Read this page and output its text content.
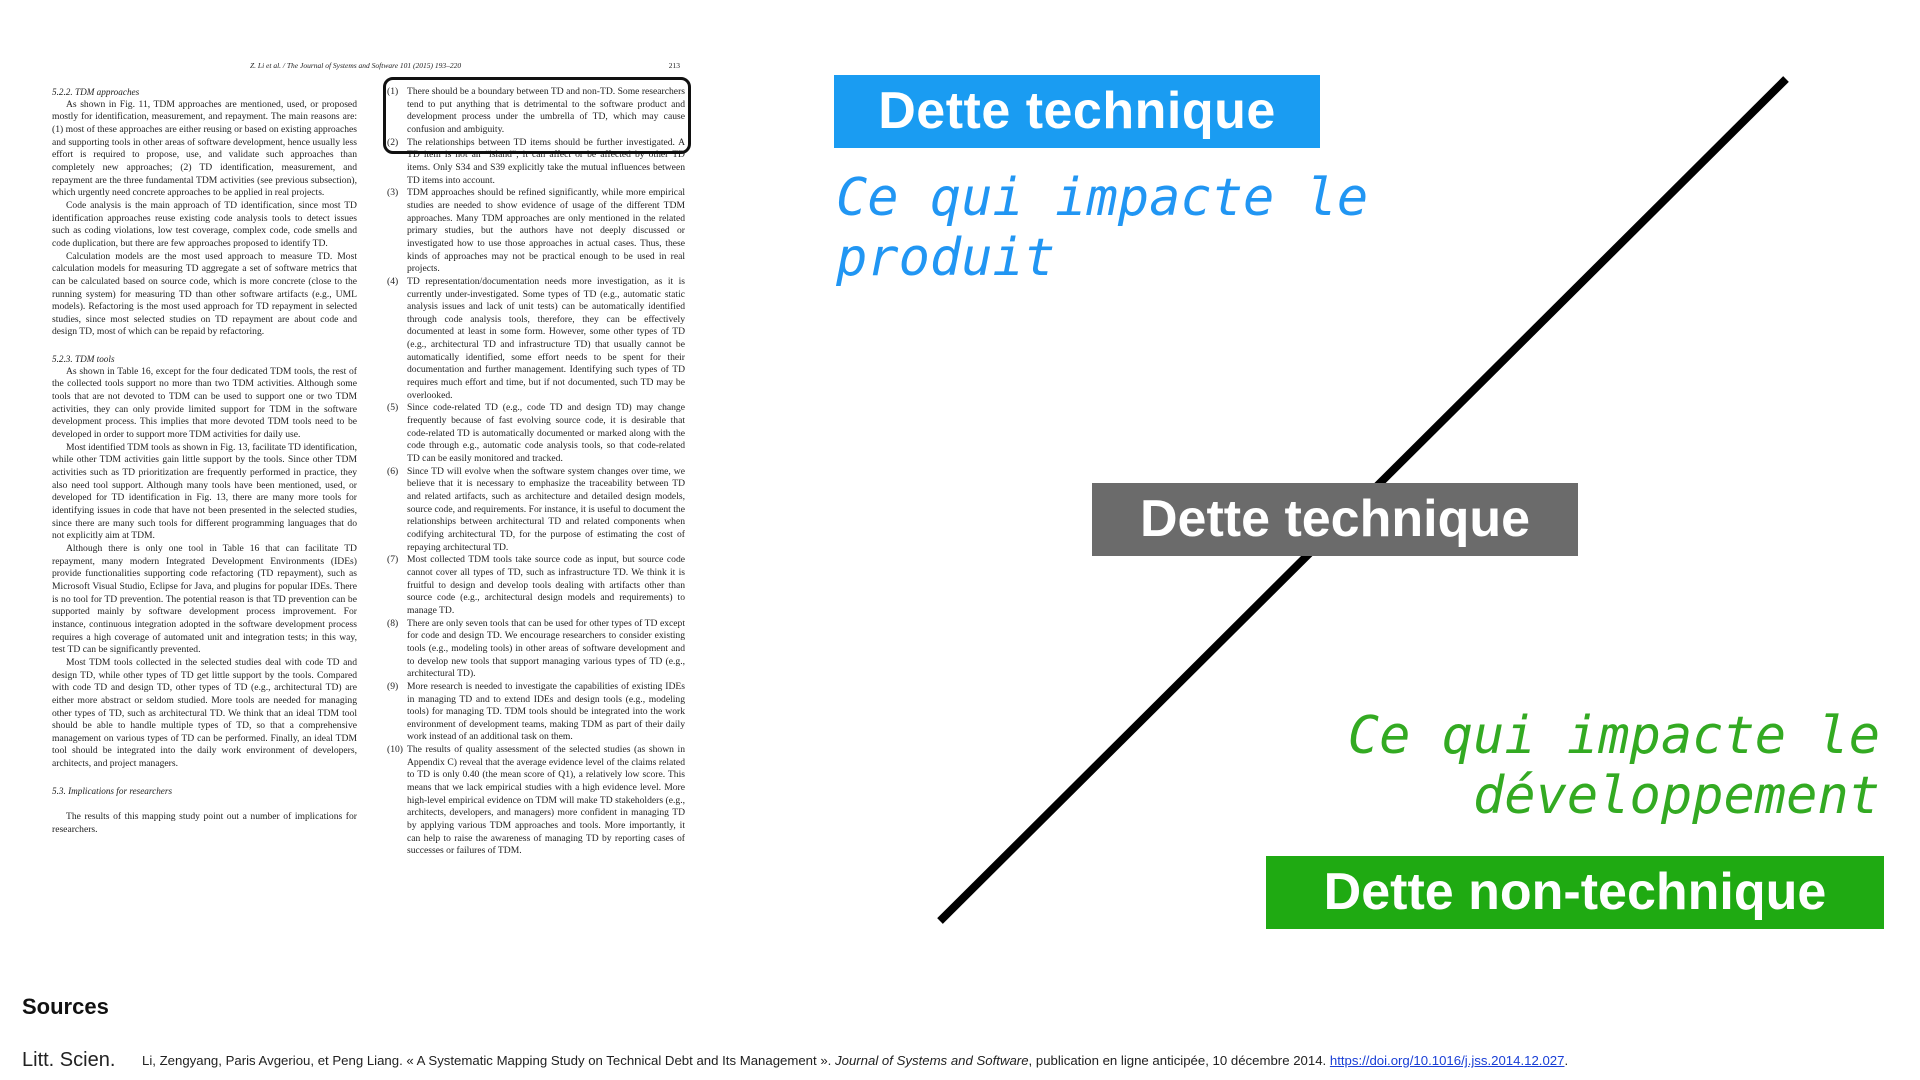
Z. Li et al. / The Journal of Systems and Software 101 (2015) 193–220	213
5.2.2. TDM approaches

As shown in Fig. 11, TDM approaches are mentioned, used, or proposed mostly for identification, measurement, and repayment. The main reasons are: (1) most of these approaches are either reusing or based on existing approaches and supporting tools in other areas of software development, hence usually less effort is required to propose, use, and validate such approaches than completely new approaches; (2) TD identification, measurement, and repayment are the three fundamental TDM activities (see previous subsection), which urgently need concrete approaches to be applied in real projects.

Code analysis is the main approach of TD identification, since most TD identification approaches reuse existing code analysis tools to detect issues such as coding violations, low test coverage, complex code, code smells and code duplication, but there are few approaches proposed to identify TD.

Calculation models are the most used approach to measure TD. Most calculation models for measuring TD aggregate a set of software metrics that can be calculated based on source code, which is more concrete (close to the running system) for measuring TD than other software artifacts (e.g., UML models). Refactoring is the most used approach for TD repayment in selected studies, since most selected studies on TD repayment are about code and design TD, most of which can be repaid by refactoring.

5.2.3. TDM tools

As shown in Table 16, except for the four dedicated TDM tools, the rest of the collected tools support no more than two TDM activities. Although some tools that are not devoted to TDM can be used to support one or two TDM activities, they can only provide limited support for TDM in the software development process. This implies that more devoted TDM tools need to be developed in order to support more TDM activities for daily use.

Most identified TDM tools as shown in Fig. 13, facilitate TD identification, while other TDM activities gain little support by the tools. Since other TDM activities such as TD prioritization are frequently performed in practice, they also need tool support. Although many tools have been mentioned, used, or developed for TD identification in Fig. 13, there are many more tools for identifying issues in code that have not been presented in the selected studies, since there are many such tools for different programming languages that do not explicitly aim at TDM.

Although there is only one tool in Table 16 that can facilitate TD repayment, many modern Integrated Development Environments (IDEs) provide functionalities supporting code refactoring (TD repayment), such as Microsoft Visual Studio, Eclipse for Java, and plugins for popular IDEs. There is no tool for TD prevention. The potential reason is that TD prevention can be supported mainly by software development process improvement. For instance, continuous integration adopted in the software development process requires a high coverage of automated unit and integration tests; in this way, test TD can be significantly prevented.

Most TDM tools collected in the selected studies deal with code TD and design TD, while other types of TD get little support by the tools. Compared with code TD and design TD, other types of TD (e.g., architectural TD) are either more abstract or seldom studied. More tools are needed for managing other types of TD, such as architectural TD. We think that an ideal TDM tool should be able to handle multiple types of TD, so that a comprehensive management on various types of TD can be performed. Finally, an ideal TDM tool should be integrated into the daily work environment of developers, architects, and project managers.

5.3. Implications for researchers

The results of this mapping study point out a number of implications for researchers.

(1) There should be a boundary between TD and non-TD. Some researchers tend to put anything that is detrimental to the software product and development process under the umbrella of TD, which may cause confusion and ambiguity.
(2) The relationships between TD items should be further investigated. A TD item is not an “island”, it can affect or be affected by other TD items. Only S34 and S39 explicitly take the mutual influences between TD items into account.
(3) TDM approaches should be refined significantly, while more empirical studies are needed to show evidence of usage of the different TDM approaches. Many TDM approaches are only mentioned in the related primary studies, but the authors have not deeply discussed or investigated how to use those approaches in actual cases. Thus, these kinds of approaches may not be practical enough to be used in real projects.
(4) TD representation/documentation needs more investigation, as it is currently under-investigated. Some types of TD (e.g., automatic static analysis issues and lack of unit tests) can be automatically identified through code analysis tools, therefore, they can be effectively documented at least in some form. However, some other types of TD (e.g., architectural TD and infrastructure TD) that usually cannot be automatically identified, some effort needs to be spent for their documentation and further management. Identifying such types of TD requires much effort and time, but if not documented, such TD may be overlooked.
(5) Since code-related TD (e.g., code TD and design TD) may change frequently because of fast evolving source code, it is desirable that code-related TD is automatically documented or marked along with the code through e.g., automatic code analysis tools, so that code-related TD can be easily monitored and tracked.
(6) Since TD will evolve when the software system changes over time, we believe that it is necessary to emphasize the traceability between TD and related artifacts, such as architecture and detailed design models, source code, and requirements. For instance, it is useful to document the relationships between architectural TD and related components when codifying architectural TD, for the purpose of estimating the cost of repaying architectural TD.
(7) Most collected TDM tools take source code as input, but source code cannot cover all types of TD, such as infrastructure TD. We think it is fruitful to design and develop tools dealing with artifacts other than source code (e.g., architectural design models and requirements) to manage TD.
(8) There are only seven tools that can be used for other types of TD except for code and design TD. We encourage researchers to consider existing tools (e.g., modeling tools) in other areas of software development and to develop new tools that support managing various types of TD (e.g., architectural TD).
(9) More research is needed to investigate the capabilities of existing IDEs in managing TD and to extend IDEs and design tools (e.g., modeling tools) for managing TD. TDM tools should be integrated into the work environment of development teams, making TDM as part of their daily work instead of an additional task on them.
(10) The results of quality assessment of the selected studies (as shown in Appendix C) reveal that the average evidence level of the claims related to TD is only 0.40 (the mean score of Q1), a relatively low score. This means that we lack empirical studies with a high evidence level. More high-level empirical evidence on TDM will make TD stakeholders (e.g., architects, developers, and managers) more confident in managing TD by applying various TDM approaches and tools. More importantly, it can help to raise the awareness of managing TD by reporting cases of successes or failures of TDM.
Dette technique
Ce qui impacte le produit
Dette technique
Ce qui impacte le développement
Dette non-technique
Sources
Litt. Scien. Li, Zengyang, Paris Avgeriou, et Peng Liang. « A Systematic Mapping Study on Technical Debt and Its Management ». Journal of Systems and Software, publication en ligne anticipée, 10 décembre 2014. https://doi.org/10.1016/j.jss.2014.12.027.
